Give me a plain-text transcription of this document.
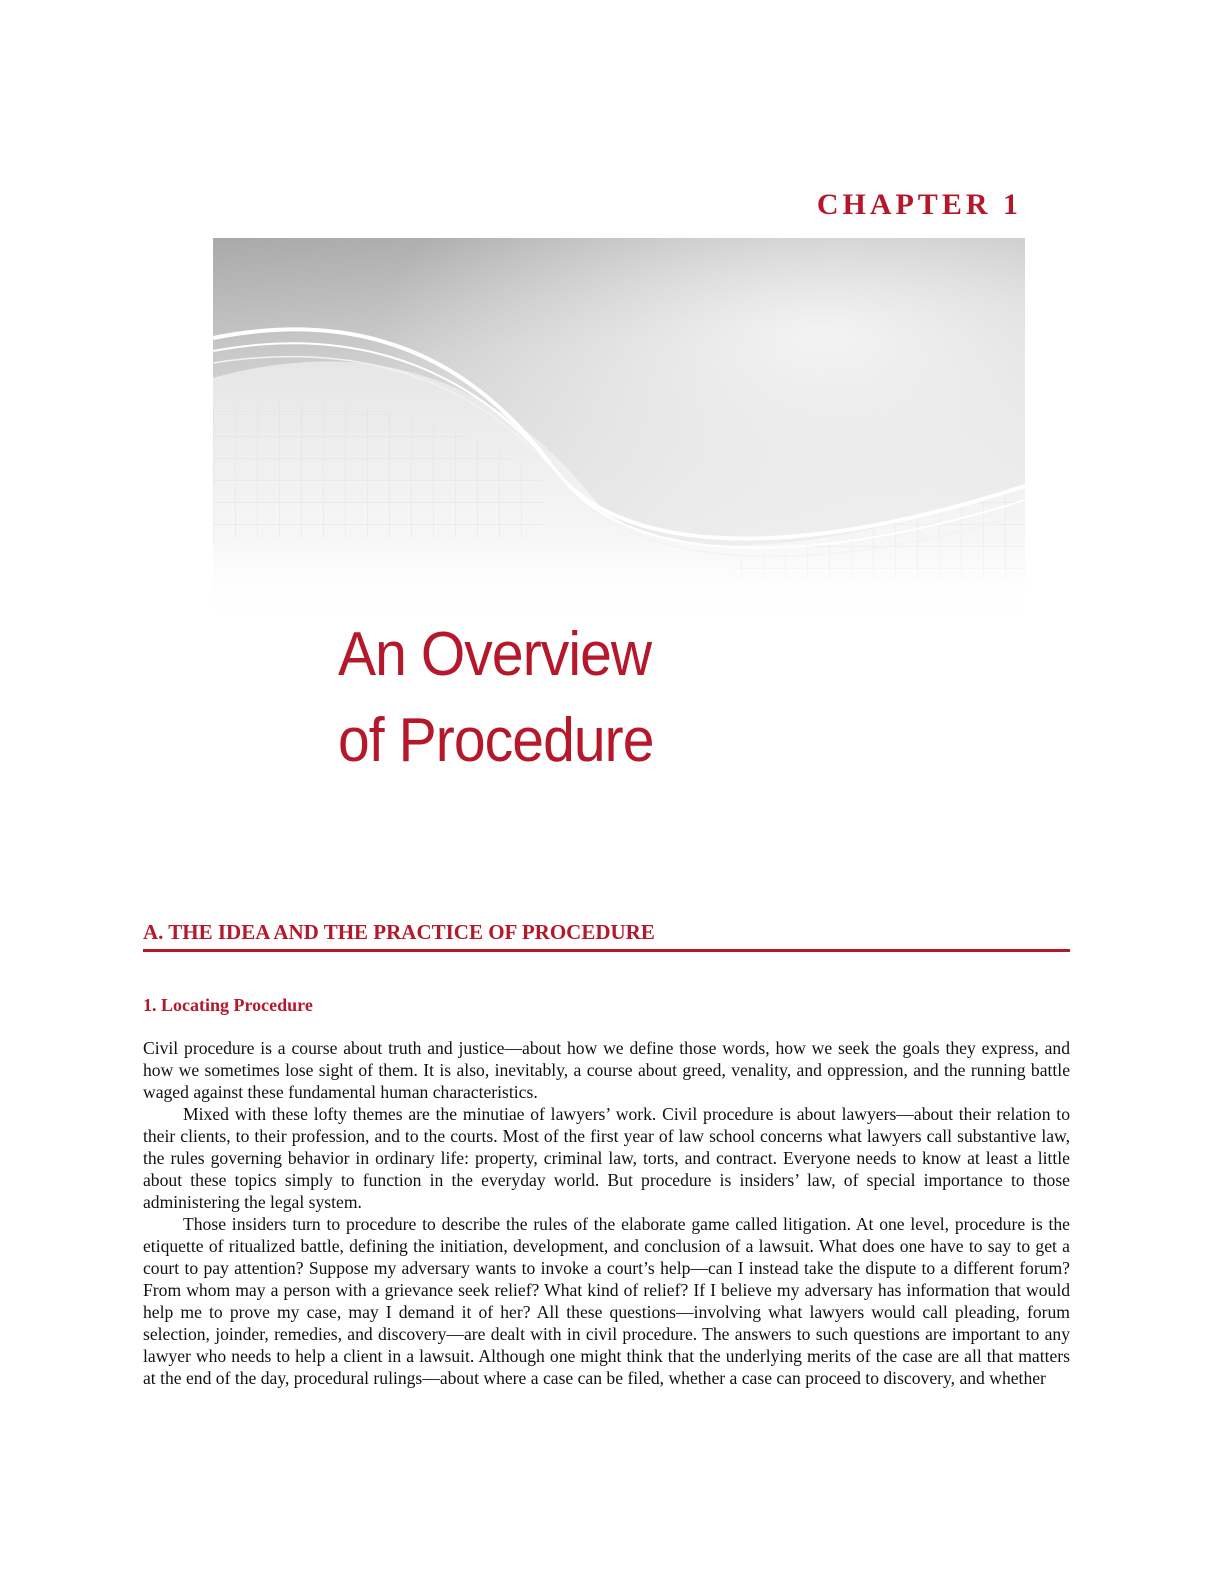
CHAPTER 1
An Overview
of Procedure
A. THE IDEA AND THE PRACTICE OF PROCEDURE
1. Locating Procedure

Civil procedure is a course about truth and justice—about how we define those words, how we seek the goals they express, and how we sometimes lose sight of them. It is also, inevitably, a course about greed, venality, and oppression, and the running battle waged against these fundamental human characteristics.

Mixed with these lofty themes are the minutiae of lawyers’ work. Civil procedure is about lawyers—about their relation to their clients, to their profession, and to the courts. Most of the first year of law school concerns what lawyers call substantive law, the rules governing behavior in ordinary life: property, criminal law, torts, and contract. Everyone needs to know at least a little about these topics simply to function in the everyday world. But procedure is insiders’ law, of special importance to those administering the legal system.

Those insiders turn to procedure to describe the rules of the elaborate game called litigation. At one level, procedure is the etiquette of ritualized battle, defining the initiation, development, and conclusion of a lawsuit. What does one have to say to get a court to pay attention? Suppose my adversary wants to invoke a court’s help—can I instead take the dispute to a different forum? From whom may a person with a grievance seek relief? What kind of relief? If I believe my adversary has information that would help me to prove my case, may I demand it of her? All these questions—involving what lawyers would call pleading, forum selection, joinder, remedies, and discovery—are dealt with in civil procedure. The answers to such questions are important to any lawyer who needs to help a client in a lawsuit. Although one might think that the underlying merits of the case are all that matters at the end of the day, procedural rulings—about where a case can be filed, whether a case can proceed to discovery, and whether
